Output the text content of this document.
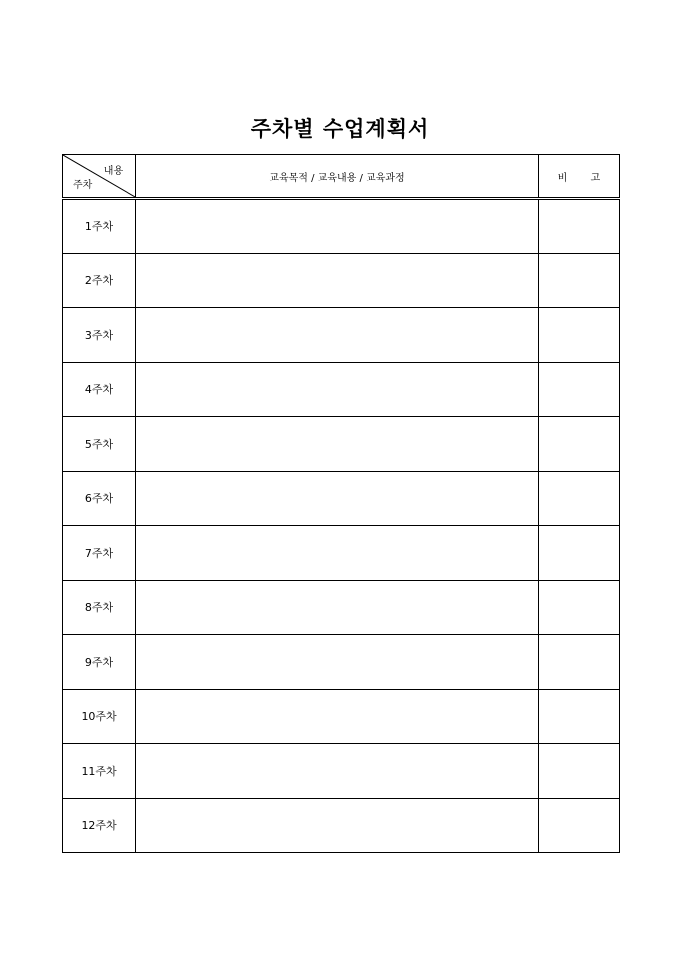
주차별 수업계획서
내용
주차	교육목적 / 교육내용 / 교육과정	비 고
1주차		
2주차		
3주차		
4주차		
5주차		
6주차		
7주차		
8주차		
9주차		
10주차		
11주차		
12주차		
